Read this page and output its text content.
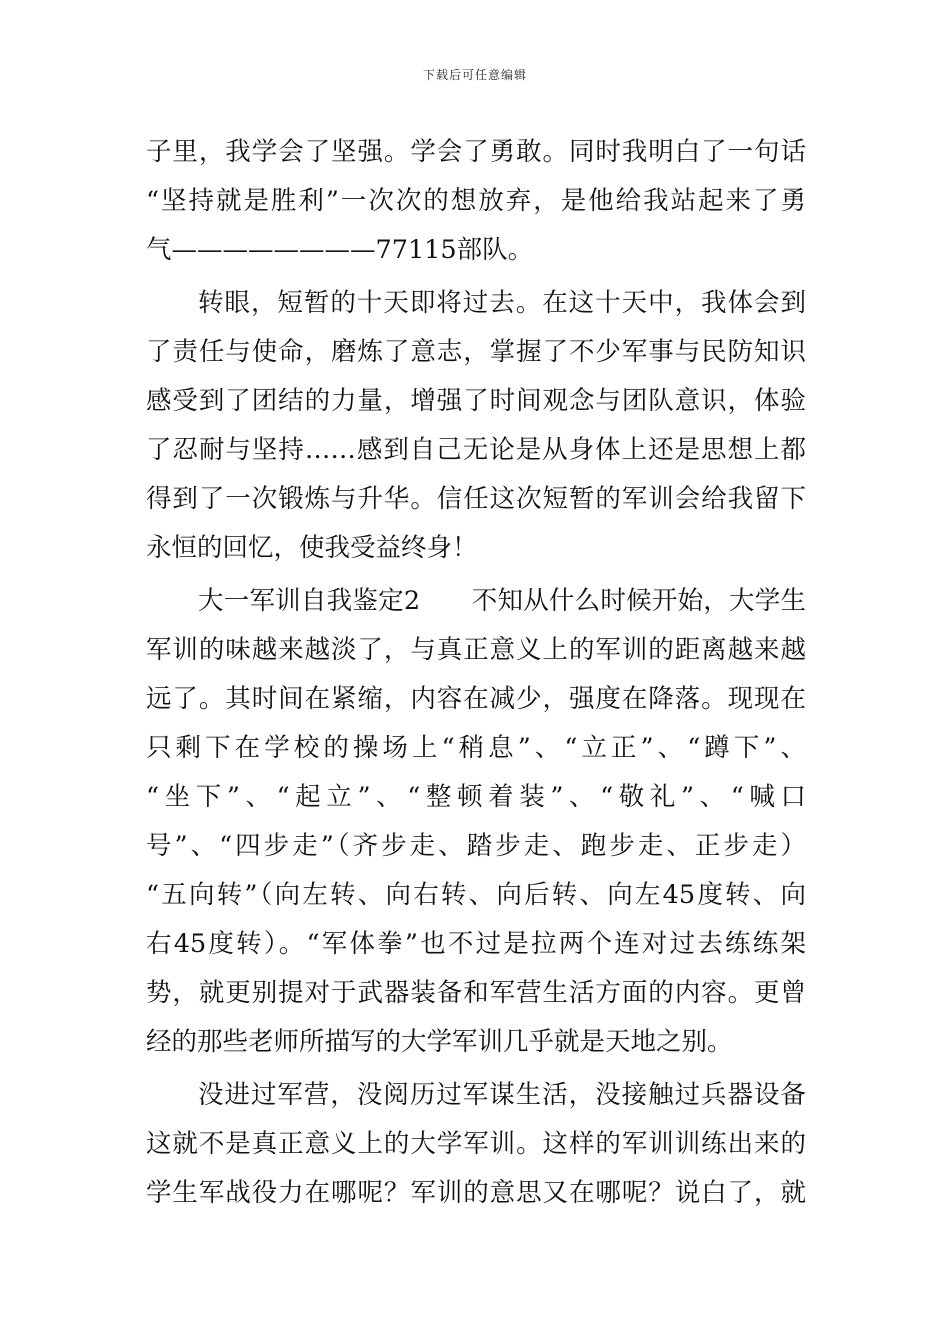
下载后可任意编辑
子里，我学会了坚强。学会了勇敢。同时我明白了一句话
“坚持就是胜利”一次次的想放弃，是他给我站起来了勇
气————————77115部队。
转眼，短暂的十天即将过去。在这十天中，我体会到
了责任与使命，磨炼了意志，掌握了不少军事与民防知识
感受到了团结的力量，增强了时间观念与团队意识，体验
了忍耐与坚持……感到自己无论是从身体上还是思想上都
得到了一次锻炼与升华。信任这次短暂的军训会给我留下
永恒的回忆，使我受益终身！
大一军训自我鉴定2　　不知从什么时候开始，大学生
军训的味越来越淡了，与真正意义上的军训的距离越来越
远了。其时间在紧缩，内容在减少，强度在降落。现现在
只剩下在学校的操场上“稍息”、“立正”、“蹲下”、
“坐下”、“起立”、“整顿着装”、“敬礼”、“喊口
号”、“四步走”（齐步走、踏步走、跑步走、正步走）
“五向转”（向左转、向右转、向后转、向左45度转、向
右45度转）。“军体拳”也不过是拉两个连对过去练练架
势，就更别提对于武器装备和军营生活方面的内容。更曾
经的那些老师所描写的大学军训几乎就是天地之别。
没进过军营，没阅历过军谋生活，没接触过兵器设备
这就不是真正意义上的大学军训。这样的军训训练出来的
学生军战役力在哪呢？军训的意思又在哪呢？说白了，就
